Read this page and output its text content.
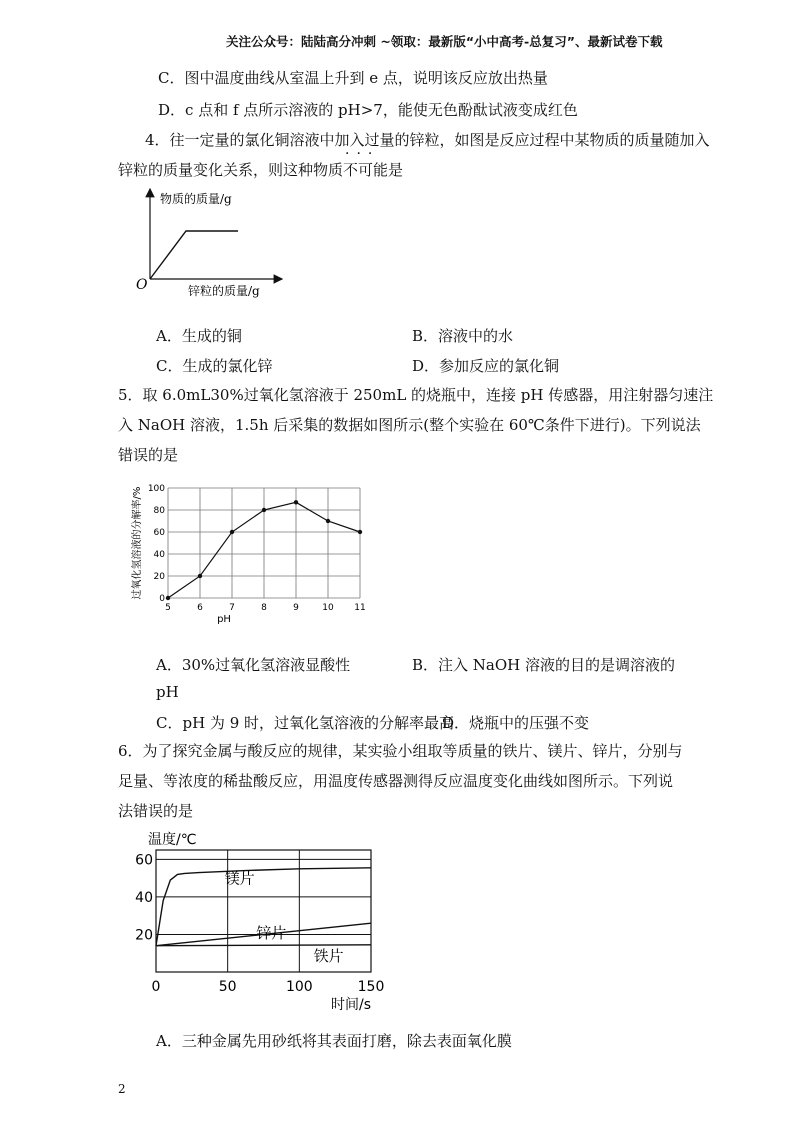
关注公众号：陆陆高分冲刺 ~领取：最新版“小中高考-总复习”、最新试卷下载
C．图中温度曲线从室温上升到 e 点，说明该反应放出热量
D．c 点和 f 点所示溶液的 pH>7，能使无色酚酞试液变成红色
4．往一定量的氯化铜溶液中加入过量的锌粒，如图是反应过程中某物质的质量随加入
···
锌粒的质量变化关系，则这种物质不可能是
物质的质量/g
锌粒的质量/g
O
A．生成的铜	B．溶液中的水
C．生成的氯化锌	D．参加反应的氯化铜
5．取 6.0mL30%过氧化氢溶液于 250mL 的烧瓶中，连接 pH 传感器，用注射器匀速注
入 NaOH 溶液，1.5h 后采集的数据如图所示(整个实验在 60℃条件下进行)。下列说法
错误的是
5	6	7	8	9	10 11
0
20
40
60
80
100
pH
过氧化氢溶液的分解率/%
A．30%过氧化氢溶液显酸性	B．注入 NaOH 溶液的目的是调溶液的
pH
C．pH 为 9 时，过氧化氢溶液的分解率最高
D．烧瓶中的压强不变
6．为了探究金属与酸反应的规律，某实验小组取等质量的铁片、镁片、锌片，分别与
足量、等浓度的稀盐酸反应，用温度传感器测得反应温度变化曲线如图所示。下列说
法错误的是
0	50	100	150
20
40
60
镁片
锌片
铁片
时间/s
温度/℃
A．三种金属先用砂纸将其表面打磨，除去表面氧化膜
2
